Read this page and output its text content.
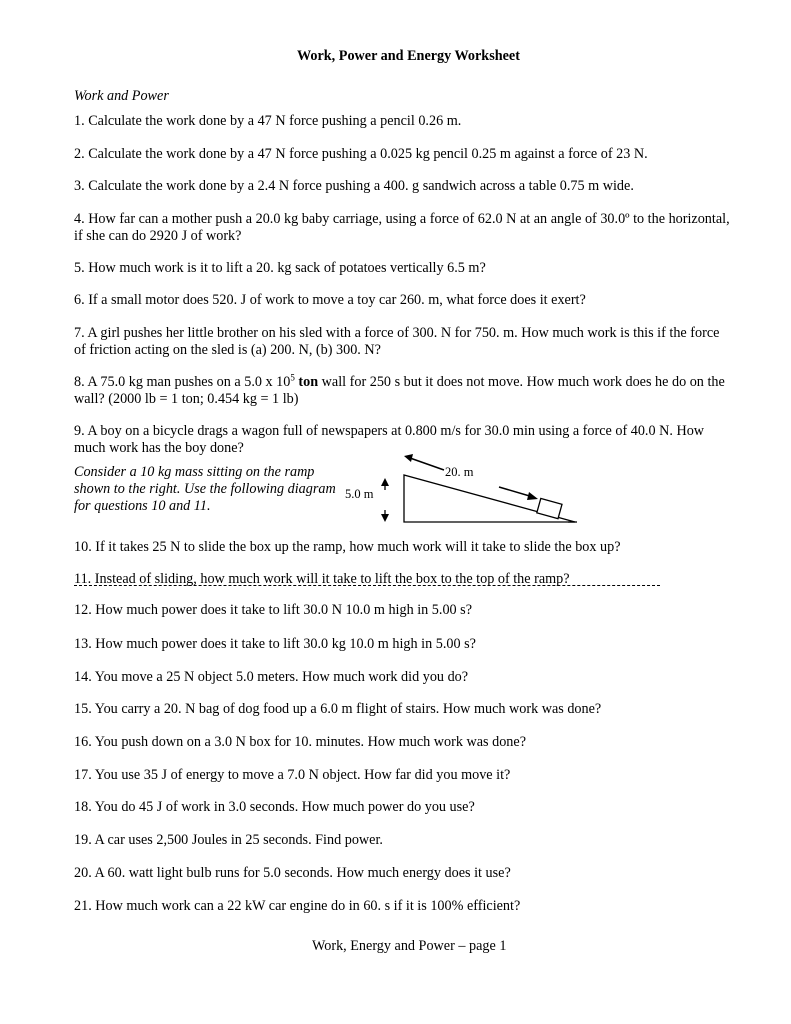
Work, Power and Energy Worksheet
Work and Power
1. Calculate the work done by a 47 N force pushing a pencil 0.26 m.
2. Calculate the work done by a 47 N force pushing a 0.025 kg pencil 0.25 m against a force of 23 N.
3. Calculate the work done by a 2.4 N force pushing a 400. g sandwich across a table 0.75 m wide.
4. How far can a mother push a 20.0 kg baby carriage, using a force of 62.0 N at an angle of 30.0º to the horizontal,
if she can do 2920 J of work?
5. How much work is it to lift a 20. kg sack of potatoes vertically 6.5 m?
6. If a small motor does 520. J of work to move a toy car 260. m, what force does it exert?
7. A girl pushes her little brother on his sled with a force of 300. N for 750. m. How much work is this if the force
of friction acting on the sled is (a) 200. N, (b) 300. N?
8. A 75.0 kg man pushes on a 5.0 x $10^5$ ton wall for 250 s but it does not move. How much work does he do on the
wall? (2000 lb = 1 ton; 0.454 kg = 1 lb)
9. A boy on a bicycle drags a wagon full of newspapers at 0.800 m/s for 30.0 min using a force of 40.0 N. How
much work has the boy done?
Consider a 10 kg mass sitting on the ramp
shown to the right. Use the following diagram
for questions 10 and 11.
5.0 m
20. m
10. If it takes 25 N to slide the box up the ramp, how much work will it take to slide the box up?
11. Instead of sliding, how much work will it take to lift the box to the top of the ramp?
12. How much power does it take to lift 30.0 N 10.0 m high in 5.00 s?
13. How much power does it take to lift 30.0 kg 10.0 m high in 5.00 s?
14. You move a 25 N object 5.0 meters. How much work did you do?
15. You carry a 20. N bag of dog food up a 6.0 m flight of stairs. How much work was done?
16. You push down on a 3.0 N box for 10. minutes. How much work was done?
17. You use 35 J of energy to move a 7.0 N object. How far did you move it?
18. You do 45 J of work in 3.0 seconds. How much power do you use?
19. A car uses 2,500 Joules in 25 seconds. Find power.
20. A 60. watt light bulb runs for 5.0 seconds. How much energy does it use?
21. How much work can a 22 kW car engine do in 60. s if it is 100% efficient?
Work, Energy and Power – page 1
